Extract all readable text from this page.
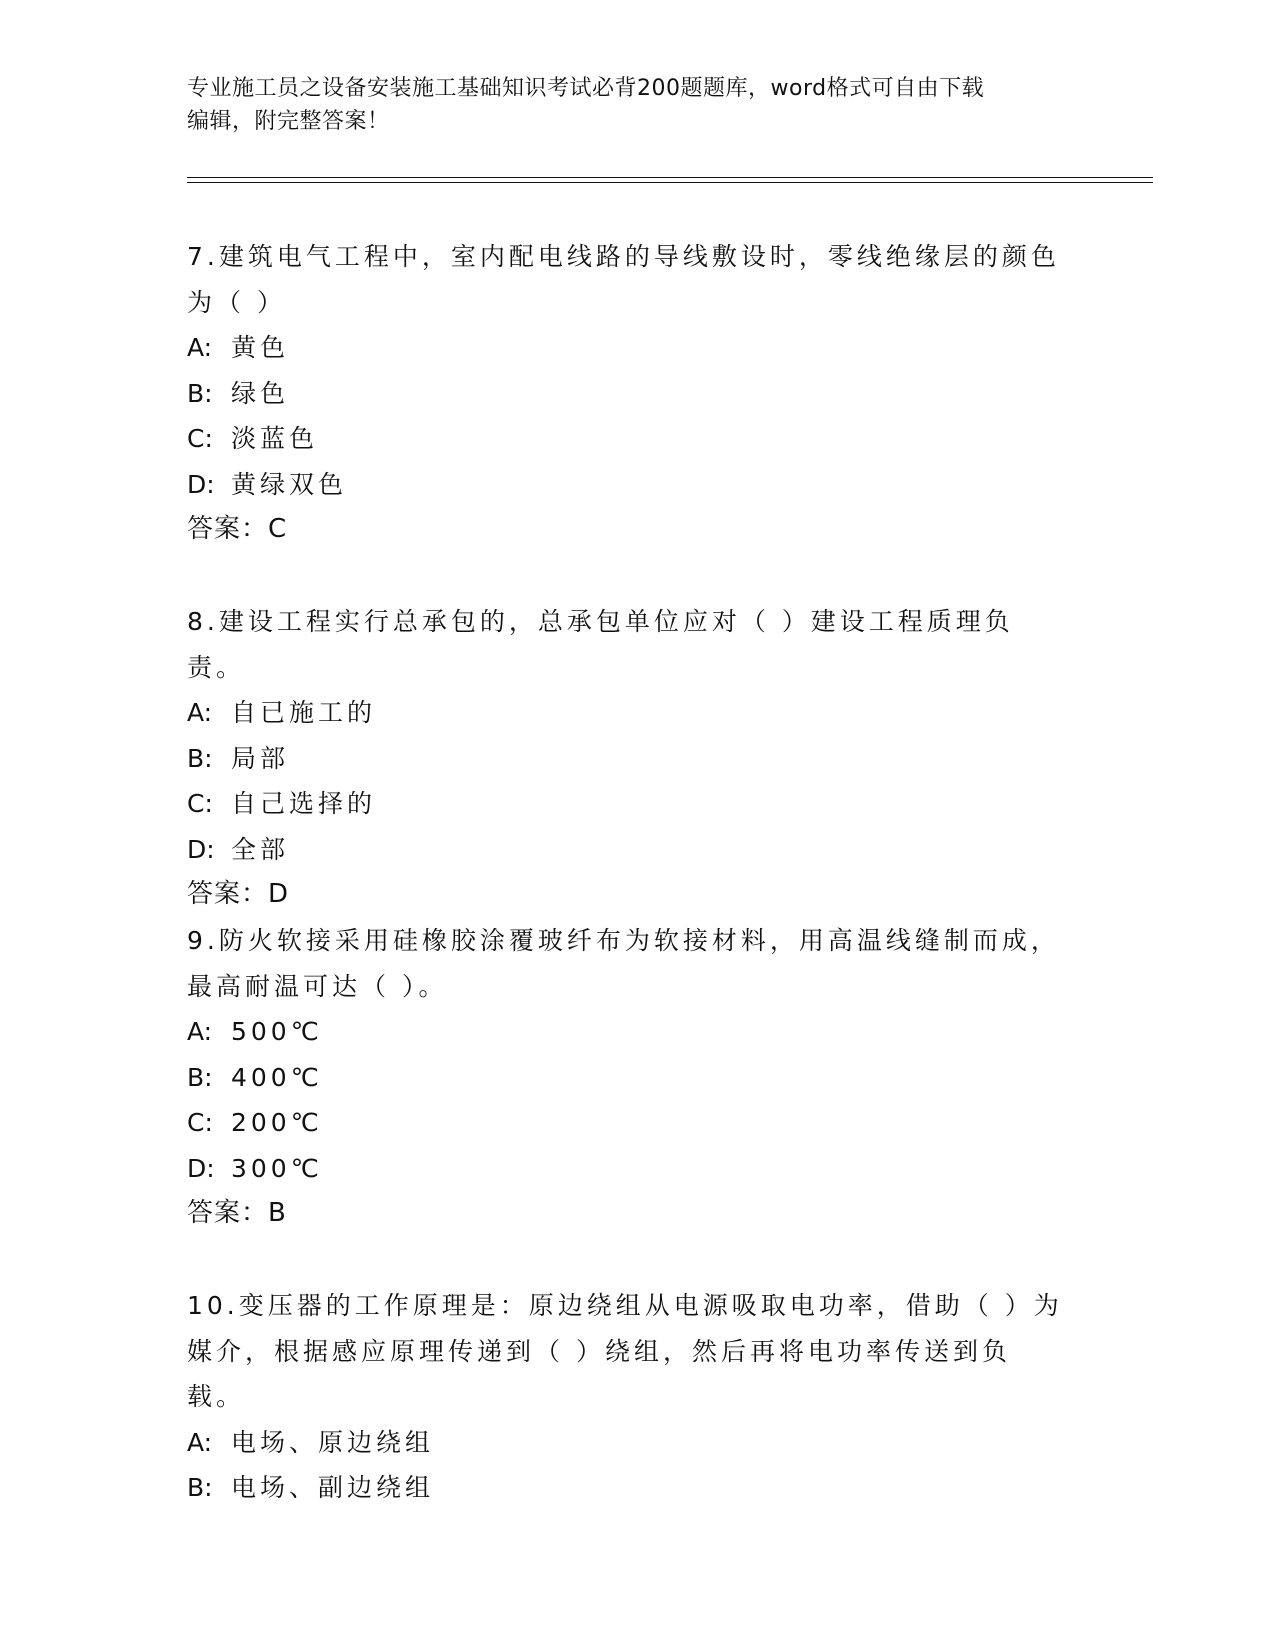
专业施工员之设备安装施工基础知识考试必背200题题库，word格式可自由下载
编辑，附完整答案！

7.建筑电气工程中，室内配电线路的导线敷设时，零线绝缘层的颜色

为（ ）

A: 黄色

B: 绿色

C: 淡蓝色

D: 黄绿双色

答案：C

8.建设工程实行总承包的，总承包单位应对（ ）建设工程质理负责。

A: 自已施工的

B: 局部

C: 自己选择的

D: 全部

答案：D

9.防火软接采用硅橡胶涂覆玻纤布为软接材料，用高温线缝制而成，

最高耐温可达（ ）。

A: 500℃

B: 400℃

C: 200℃

D: 300℃

答案：B

10.变压器的工作原理是：原边绕组从电源吸取电功率，借助（ ）为

媒介，根据感应原理传递到（ ）绕组，然后再将电功率传送到负载。

A: 电场、原边绕组

B: 电场、副边绕组
